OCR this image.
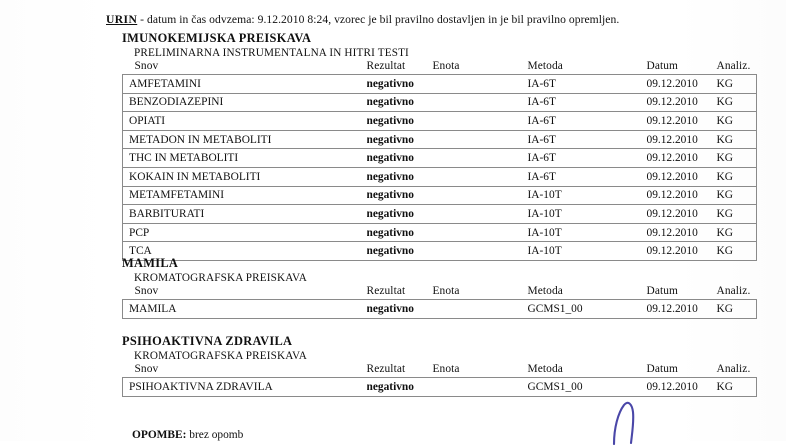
URIN - datum in čas odvzema: 9.12.2010 8:24, vzorec je bil pravilno dostavljen in je bil pravilno opremljen.
IMUNOKEMIJSKA PREISKAVA
PRELIMINARNA INSTRUMENTALNA IN HITRI TESTI
Snov	Rezultat	Enota	Metoda	Datum	Analiz.
AMFETAMINI	negativno		IA-6T	09.12.2010	KG
BENZODIAZEPINI	negativno		IA-6T	09.12.2010	KG
OPIATI	negativno		IA-6T	09.12.2010	KG
METADON IN METABOLITI	negativno		IA-6T	09.12.2010	KG
THC IN METABOLITI	negativno		IA-6T	09.12.2010	KG
KOKAIN IN METABOLITI	negativno		IA-6T	09.12.2010	KG
METAMFETAMINI	negativno		IA-10T	09.12.2010	KG
BARBITURATI	negativno		IA-10T	09.12.2010	KG
PCP	negativno		IA-10T	09.12.2010	KG
TCA	negativno		IA-10T	09.12.2010	KG
MAMILA
KROMATOGRAFSKA PREISKAVA
Snov	Rezultat	Enota	Metoda	Datum	Analiz.
MAMILA	negativno		GCMS1_00	09.12.2010	KG
PSIHOAKTIVNA ZDRAVILA
KROMATOGRAFSKA PREISKAVA
Snov	Rezultat	Enota	Metoda	Datum	Analiz.
PSIHOAKTIVNA ZDRAVILA	negativno		GCMS1_00	09.12.2010	KG
OPOMBE: brez opomb
